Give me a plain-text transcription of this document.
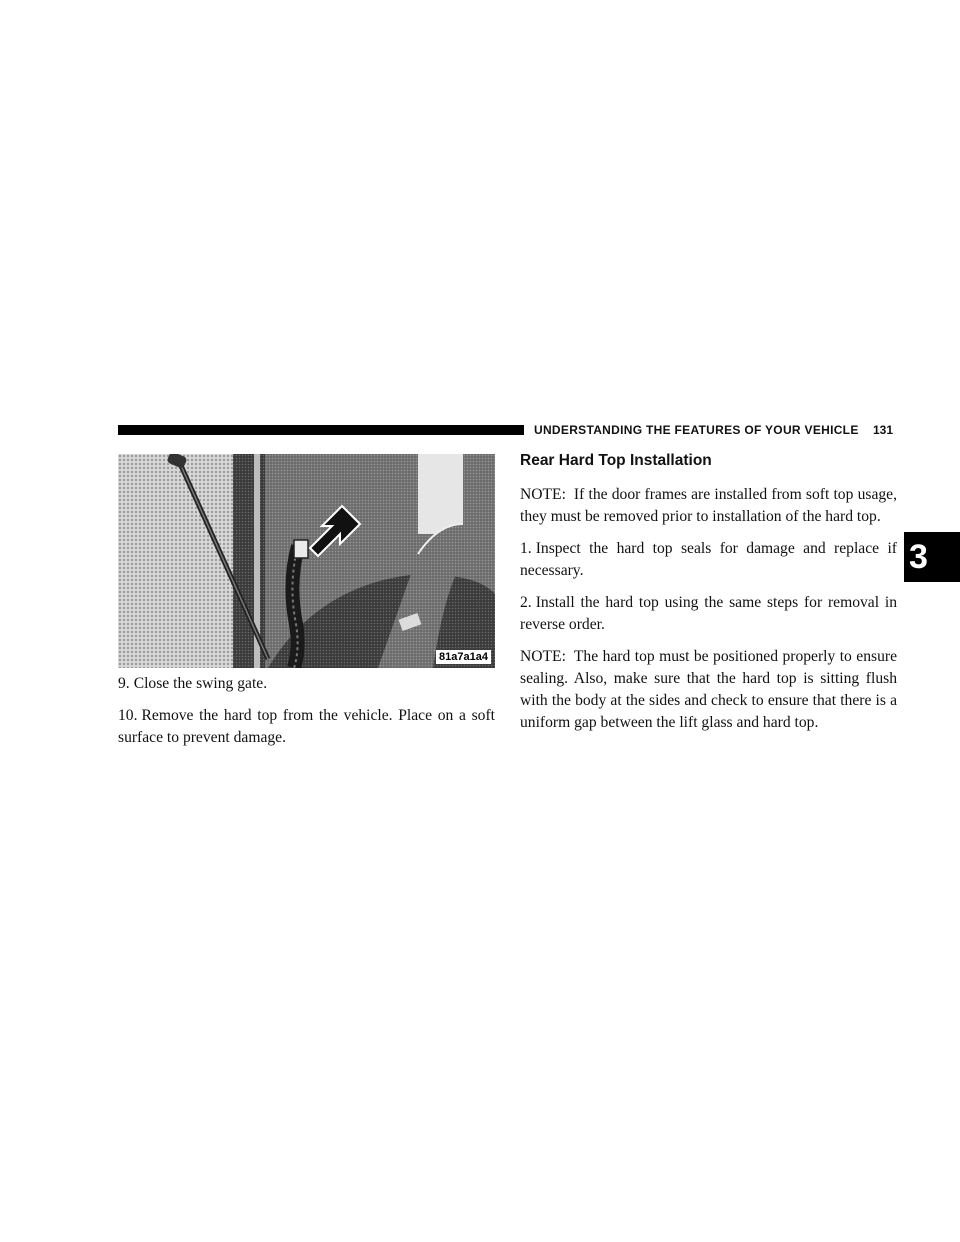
UNDERSTANDING THE FEATURES OF YOUR VEHICLE 131
3
81a7a1a4

9. Close the swing gate.

10. Remove the hard top from the vehicle. Place on a soft surface to prevent damage.

Rear Hard Top Installation

NOTE: If the door frames are installed from soft top usage, they must be removed prior to installation of the hard top.

1. Inspect the hard top seals for damage and replace if necessary.

2. Install the hard top using the same steps for removal in reverse order.

NOTE: The hard top must be positioned properly to ensure sealing. Also, make sure that the hard top is sitting flush with the body at the sides and check to ensure that there is a uniform gap between the lift glass and hard top.
